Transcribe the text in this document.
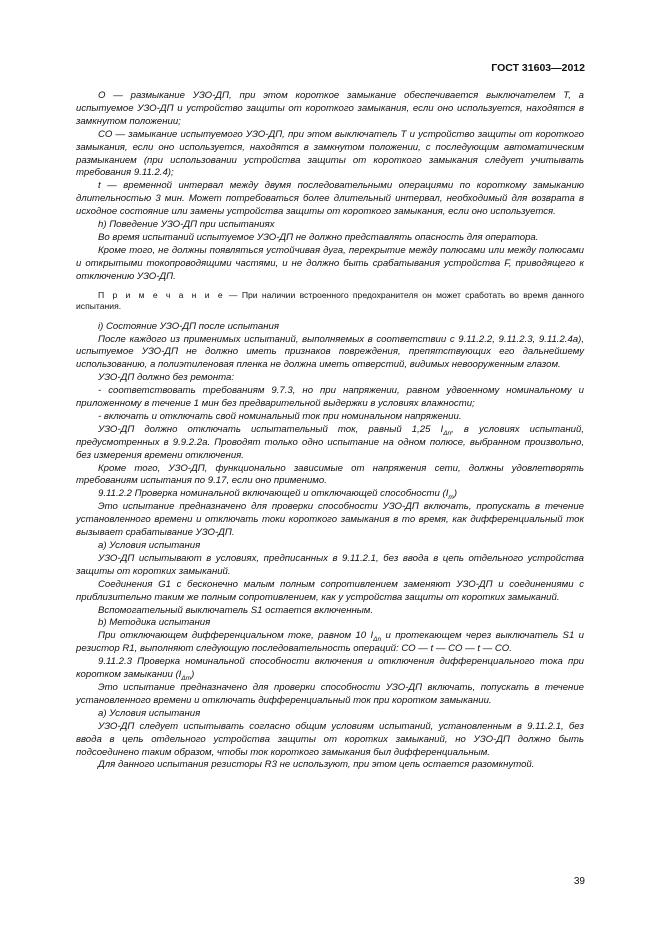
ГОСТ 31603—2012

О — размыкание УЗО-ДП, при этом короткое замыкание обеспечивается выключателем Т, а испытуемое УЗО-ДП и устройство защиты от короткого замыкания, если оно используется, находятся в замкнутом положении;

СО — замыкание испытуемого УЗО-ДП, при этом выключатель Т и устройство защиты от короткого замыкания, если оно используется, находятся в замкнутом положении, с последующим автоматическим размыканием (при использовании устройства защиты от короткого замыкания следует учитывать требования 9.11.2.4);

t — временной интервал между двумя последовательными операциями по короткому замыканию длительностью 3 мин. Может потребоваться более длительный интервал, необходимый для возврата в исходное состояние или замены устройства защиты от короткого замыкания, если оно используется.

h) Поведение УЗО-ДП при испытаниях

Во время испытаний испытуемое УЗО-ДП не должно представлять опасность для оператора.

Кроме того, не должны появляться устойчивая дуга, перекрытие между полюсами или между полюсами и открытыми токопроводящими частями, и не должно быть срабатывания устройства F, приводящего к отключению УЗО-ДП.

П р и м е ч а н и е — При наличии встроенного предохранителя он может сработать во время данного испытания.

i) Состояние УЗО-ДП после испытания

После каждого из применимых испытаний, выполняемых в соответствии с 9.11.2.2, 9.11.2.3, 9.11.2.4а), испытуемое УЗО-ДП не должно иметь признаков повреждения, препятствующих его дальнейшему использованию, а полиэтиленовая пленка не должна иметь отверстий, видимых невооруженным глазом.

УЗО-ДП должно без ремонта:

- соответствовать требованиям 9.7.3, но при напряжении, равном удвоенному номинальному и приложенному в течение 1 мин без предварительной выдержки в условиях влажности;

- включать и отключать свой номинальный ток при номинальном напряжении.

УЗО-ДП должно отключать испытательный ток, равный 1,25 $I_{\Delta n}$, в условиях испытаний, предусмотренных в 9.9.2.2а. Проводят только одно испытание на одном полюсе, выбранном произвольно, без измерения времени отключения.

Кроме того, УЗО-ДП, функционально зависимые от напряжения сети, должны удовлетворять требованиям испытания по 9.17, если оно применимо.

9.11.2.2 Проверка номинальной включающей и отключающей способности $(I_m)$

Это испытание предназначено для проверки способности УЗО-ДП включать, пропускать в течение установленного времени и отключать токи короткого замыкания в то время, как дифференциальный ток вызывает срабатывание УЗО-ДП.

а) Условия испытания

УЗО-ДП испытывают в условиях, предписанных в 9.11.2.1, без ввода в цепь отдельного устройства защиты от коротких замыканий.

Соединения G1 с бесконечно малым полным сопротивлением заменяют УЗО-ДП и соединениями с приблизительно таким же полным сопротивлением, как у устройства защиты от коротких замыканий.

Вспомогательный выключатель S1 остается включенным.

b) Методика испытания

При отключающем дифференциальном токе, равном 10 $I_{\Delta n}$ и протекающем через выключатель S1 и резистор R1, выполняют следующую последовательность операций: СО — t — СО — t — СО.

9.11.2.3 Проверка номинальной способности включения и отключения дифференциального тока при коротком замыкании $(I_{\Delta m})$

Это испытание предназначено для проверки способности УЗО-ДП включать, попускать в течение установленного времени и отключать дифференциальный ток при коротком замыкании.

а) Условия испытания

УЗО-ДП следует испытывать согласно общим условиям испытаний, установленным в 9.11.2.1, без ввода в цепь отдельного устройства защиты от коротких замыканий, но УЗО-ДП должно быть подсоединено таким образом, чтобы ток короткого замыкания был дифференциальным.

Для данного испытания резисторы R3 не используют, при этом цепь остается разомкнутой.

39
